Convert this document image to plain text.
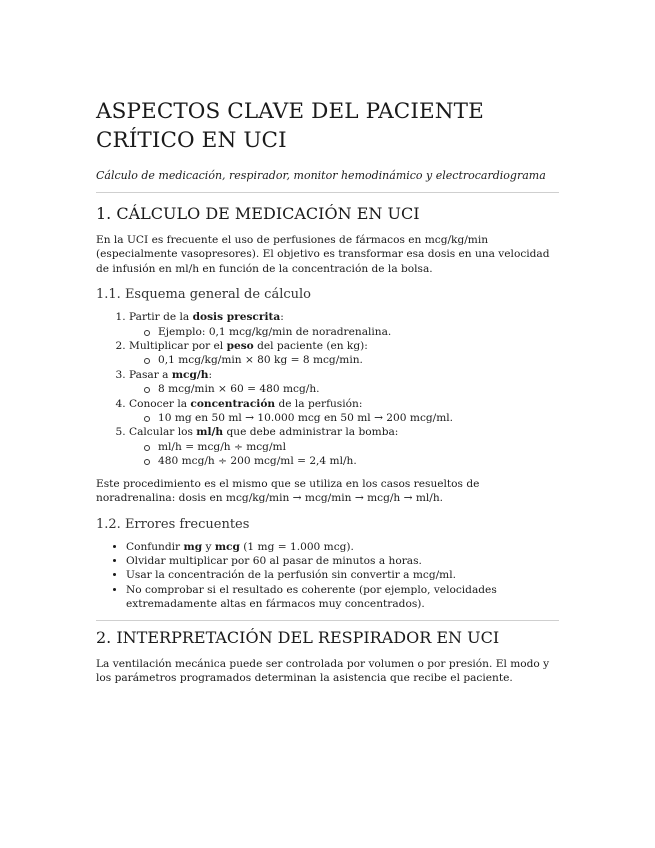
ASPECTOS CLAVE DEL PACIENTE CRÍTICO EN UCI
Cálculo de medicación, respirador, monitor hemodinámico y electrocardiograma
1. CÁLCULO DE MEDICACIÓN EN UCI

En la UCI es frecuente el uso de perfusiones de fármacos en mcg/kg/min (especialmente vasopresores). El objetivo es transformar esa dosis en una velocidad de infusión en ml/h en función de la concentración de la bolsa.

1.1. Esquema general de cálculo
1. Partir de la dosis prescrita:
Ejemplo: 0,1 mcg/kg/min de noradrenalina.
2. Multiplicar por el peso del paciente (en kg):
0,1 mcg/kg/min × 80 kg = 8 mcg/min.
3. Pasar a mcg/h:
8 mcg/min × 60 = 480 mcg/h.
4. Conocer la concentración de la perfusión:
10 mg en 50 ml → 10.000 mcg en 50 ml → 200 mcg/ml.
5. Calcular los ml/h que debe administrar la bomba:
ml/h = mcg/h ÷ mcg/ml
480 mcg/h ÷ 200 mcg/ml = 2,4 ml/h.

Este procedimiento es el mismo que se utiliza en los casos resueltos de noradrenalina: dosis en mcg/kg/min → mcg/min → mcg/h → ml/h.

1.2. Errores frecuentes
• Confundir mg y mcg (1 mg = 1.000 mcg).
• Olvidar multiplicar por 60 al pasar de minutos a horas.
• Usar la concentración de la perfusión sin convertir a mcg/ml.
• No comprobar si el resultado es coherente (por ejemplo, velocidades extremadamente altas en fármacos muy concentrados).
2. INTERPRETACIÓN DEL RESPIRADOR EN UCI

La ventilación mecánica puede ser controlada por volumen o por presión. El modo y los parámetros programados determinan la asistencia que recibe el paciente.
